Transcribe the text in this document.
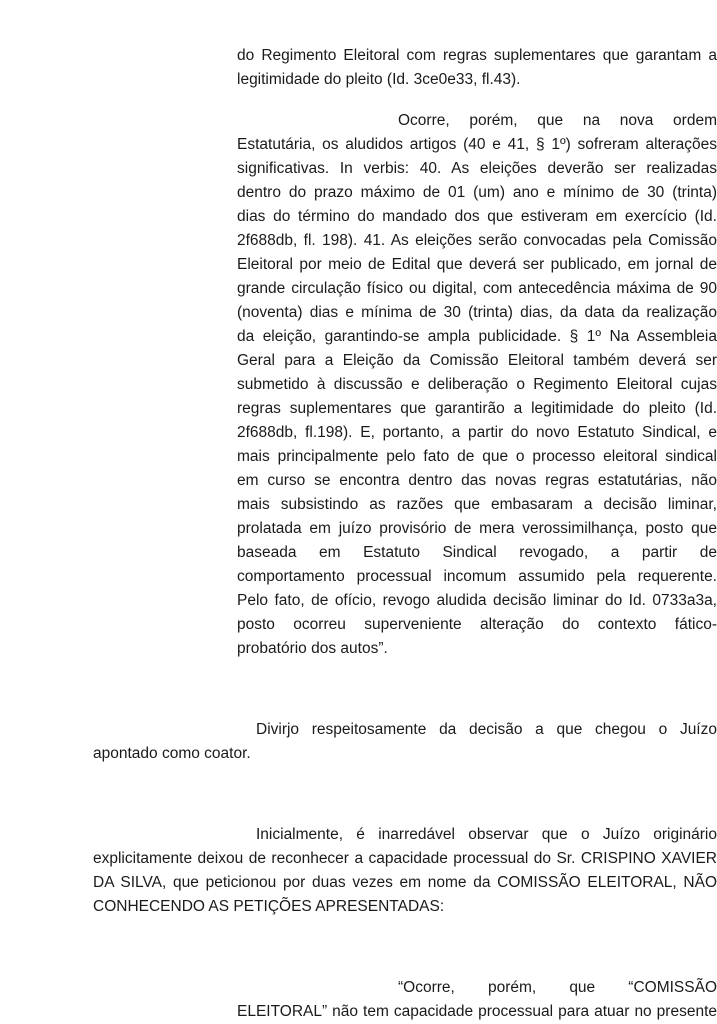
do Regimento Eleitoral com regras suplementares que garantam a
legitimidade do pleito (Id. 3ce0e33, fl.43).
Ocorre, porém, que na nova ordem
Estatutária, os aludidos artigos (40 e 41, § 1º) sofreram alterações
significativas. In verbis: 40. As eleições deverão ser realizadas
dentro do prazo máximo de 01 (um) ano e mínimo de 30 (trinta)
dias do término do mandado dos que estiveram em exercício (Id.
2f688db, fl. 198). 41. As eleições serão convocadas pela Comissão
Eleitoral por meio de Edital que deverá ser publicado, em jornal de
grande circulação físico ou digital, com antecedência máxima de 90
(noventa) dias e mínima de 30 (trinta) dias, da data da realização
da eleição, garantindo-se ampla publicidade. § 1º Na Assembleia
Geral para a Eleição da Comissão Eleitoral também deverá ser
submetido à discussão e deliberação o Regimento Eleitoral cujas
regras suplementares que garantirão a legitimidade do pleito (Id.
2f688db, fl.198). E, portanto, a partir do novo Estatuto Sindical, e
mais principalmente pelo fato de que o processo eleitoral sindical
em curso se encontra dentro das novas regras estatutárias, não
mais subsistindo as razões que embasaram a decisão liminar,
prolatada em juízo provisório de mera verossimilhança, posto que
baseada em Estatuto Sindical revogado, a partir de
comportamento processual incomum assumido pela requerente.
Pelo fato, de ofício, revogo aludida decisão liminar do Id. 0733a3a,
posto ocorreu superveniente alteração do contexto fático-
probatório dos autos”.
Divirjo respeitosamente da decisão a que chegou o Juízo
apontado como coator.
Inicialmente, é inarredável observar que o Juízo originário
explicitamente deixou de reconhecer a capacidade processual do Sr. CRISPINO XAVIER
DA SILVA, que peticionou por duas vezes em nome da COMISSÃO ELEITORAL, NÃO
CONHECENDO AS PETIÇÕES APRESENTADAS:
“Ocorre, porém, que “COMISSÃO
ELEITORAL” não tem capacidade processual para atuar no presente
